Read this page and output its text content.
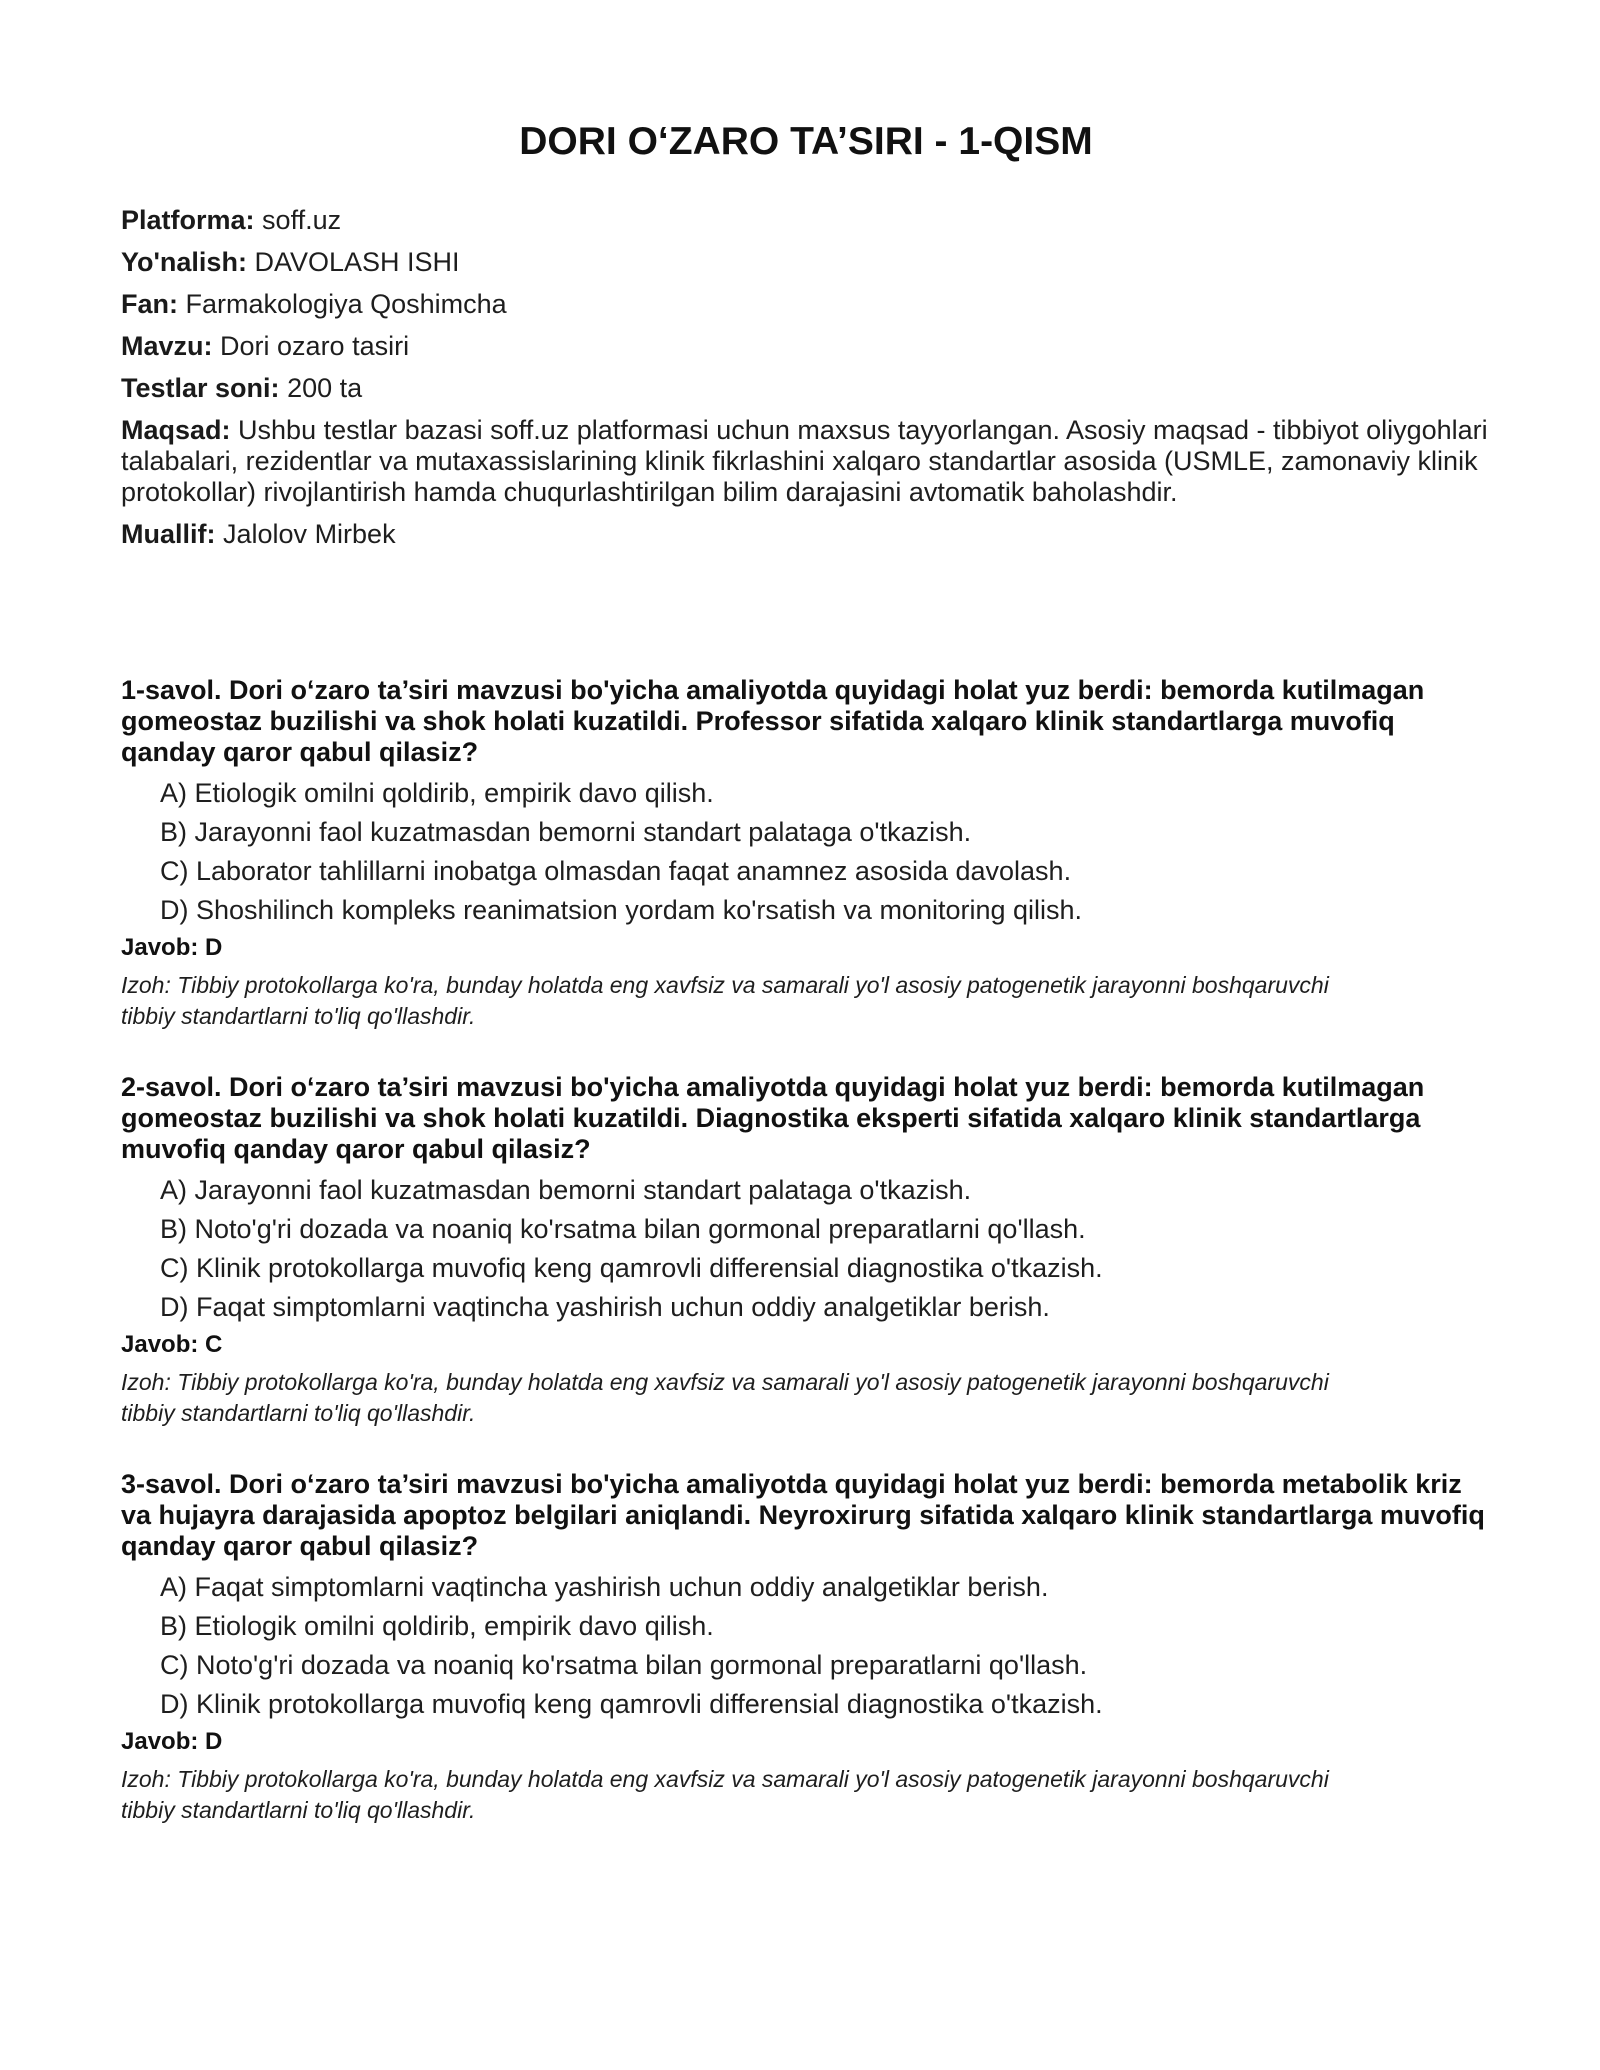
DORI O‘ZARO TA’SIRI - 1-QISM
Platforma: soff.uz
Yo'nalish: DAVOLASH ISHI
Fan: Farmakologiya Qoshimcha
Mavzu: Dori ozaro tasiri
Testlar soni: 200 ta
Maqsad: Ushbu testlar bazasi soff.uz platformasi uchun maxsus tayyorlangan. Asosiy maqsad - tibbiyot oliygohlari talabalari, rezidentlar va mutaxassislarining klinik fikrlashini xalqaro standartlar asosida (USMLE, zamonaviy klinik protokollar) rivojlantirish hamda chuqurlashtirilgan bilim darajasini avtomatik baholashdir.
Muallif: Jalolov Mirbek
1-savol. Dori o‘zaro ta’siri mavzusi bo'yicha amaliyotda quyidagi holat yuz berdi: bemorda kutilmagan gomeostaz buzilishi va shok holati kuzatildi. Professor sifatida xalqaro klinik standartlarga muvofiq qanday qaror qabul qilasiz?
A) Etiologik omilni qoldirib, empirik davo qilish.
B) Jarayonni faol kuzatmasdan bemorni standart palataga o'tkazish.
C) Laborator tahlillarni inobatga olmasdan faqat anamnez asosida davolash.
D) Shoshilinch kompleks reanimatsion yordam ko'rsatish va monitoring qilish.
Javob: D
Izoh: Tibbiy protokollarga ko'ra, bunday holatda eng xavfsiz va samarali yo'l asosiy patogenetik jarayonni boshqaruvchi tibbiy standartlarni to'liq qo'llashdir.
2-savol. Dori o‘zaro ta’siri mavzusi bo'yicha amaliyotda quyidagi holat yuz berdi: bemorda kutilmagan gomeostaz buzilishi va shok holati kuzatildi. Diagnostika eksperti sifatida xalqaro klinik standartlarga muvofiq qanday qaror qabul qilasiz?
A) Jarayonni faol kuzatmasdan bemorni standart palataga o'tkazish.
B) Noto'g'ri dozada va noaniq ko'rsatma bilan gormonal preparatlarni qo'llash.
C) Klinik protokollarga muvofiq keng qamrovli differensial diagnostika o'tkazish.
D) Faqat simptomlarni vaqtincha yashirish uchun oddiy analgetiklar berish.
Javob: C
Izoh: Tibbiy protokollarga ko'ra, bunday holatda eng xavfsiz va samarali yo'l asosiy patogenetik jarayonni boshqaruvchi tibbiy standartlarni to'liq qo'llashdir.
3-savol. Dori o‘zaro ta’siri mavzusi bo'yicha amaliyotda quyidagi holat yuz berdi: bemorda metabolik kriz va hujayra darajasida apoptoz belgilari aniqlandi. Neyroxirurg sifatida xalqaro klinik standartlarga muvofiq qanday qaror qabul qilasiz?
A) Faqat simptomlarni vaqtincha yashirish uchun oddiy analgetiklar berish.
B) Etiologik omilni qoldirib, empirik davo qilish.
C) Noto'g'ri dozada va noaniq ko'rsatma bilan gormonal preparatlarni qo'llash.
D) Klinik protokollarga muvofiq keng qamrovli differensial diagnostika o'tkazish.
Javob: D
Izoh: Tibbiy protokollarga ko'ra, bunday holatda eng xavfsiz va samarali yo'l asosiy patogenetik jarayonni boshqaruvchi tibbiy standartlarni to'liq qo'llashdir.
